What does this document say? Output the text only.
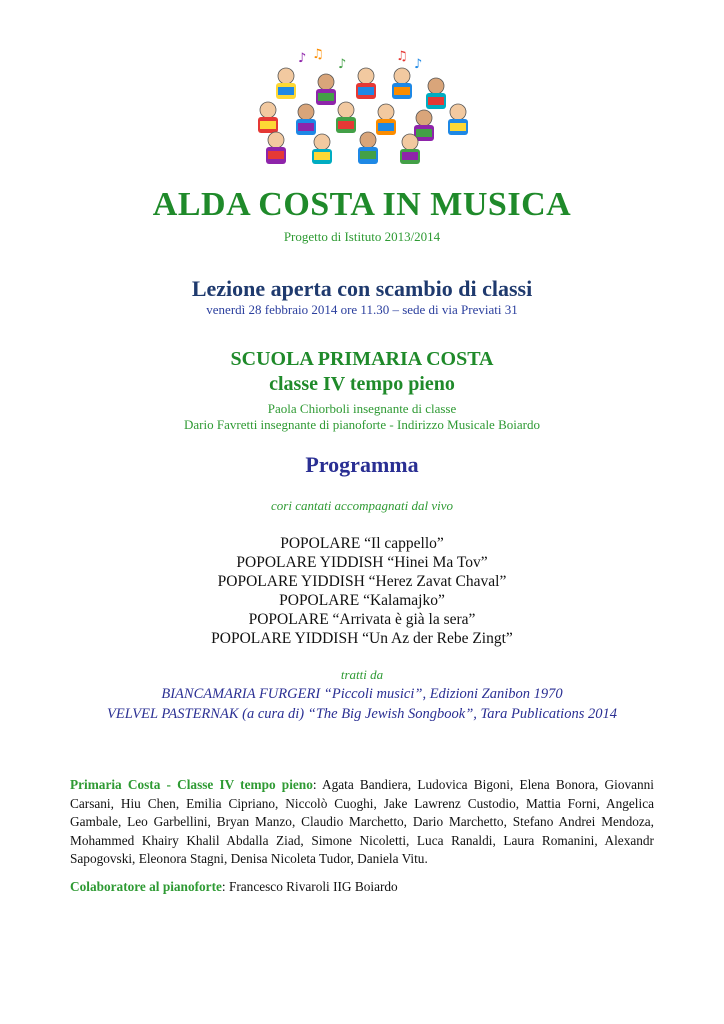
♪ ♫
♪
♫
♪
ALDA COSTA IN MUSICA
Progetto di Istituto 2013/2014
Lezione aperta con scambio di classi
venerdì 28 febbraio 2014 ore 11.30 – sede di via Previati 31
SCUOLA PRIMARIA COSTA
classe IV tempo pieno
Paola Chiorboli insegnante di classe
Dario Favretti insegnante di pianoforte - Indirizzo Musicale Boiardo
Programma
cori cantati accompagnati dal vivo
POPOLARE “Il cappello”
POPOLARE YIDDISH “Hinei Ma Tov”
POPOLARE YIDDISH “Herez Zavat Chaval”
POPOLARE “Kalamajko”
POPOLARE “Arrivata è già la sera”
POPOLARE YIDDISH “Un Az der Rebe Zingt”
tratti da
BIANCAMARIA FURGERI “Piccoli musici”, Edizioni Zanibon 1970
VELVEL PASTERNAK (a cura di) “The Big Jewish Songbook”, Tara Publications 2014
Primaria Costa - Classe IV tempo pieno: Agata Bandiera, Ludovica Bigoni, Elena Bonora, Giovanni Carsani, Hiu Chen, Emilia Cipriano, Niccolò Cuoghi, Jake Lawrenz Custodio, Mattia Forni, Angelica Gambale, Leo Garbellini, Bryan Manzo, Claudio Marchetto, Dario Marchetto, Stefano Andrei Mendoza, Mohammed Khairy Khalil Abdalla Ziad, Simone Nicoletti, Luca Ranaldi, Laura Romanini, Alexandr Sapogovski, Eleonora Stagni, Denisa Nicoleta Tudor, Daniela Vitu.
Colaboratore al pianoforte: Francesco Rivaroli IIG Boiardo
